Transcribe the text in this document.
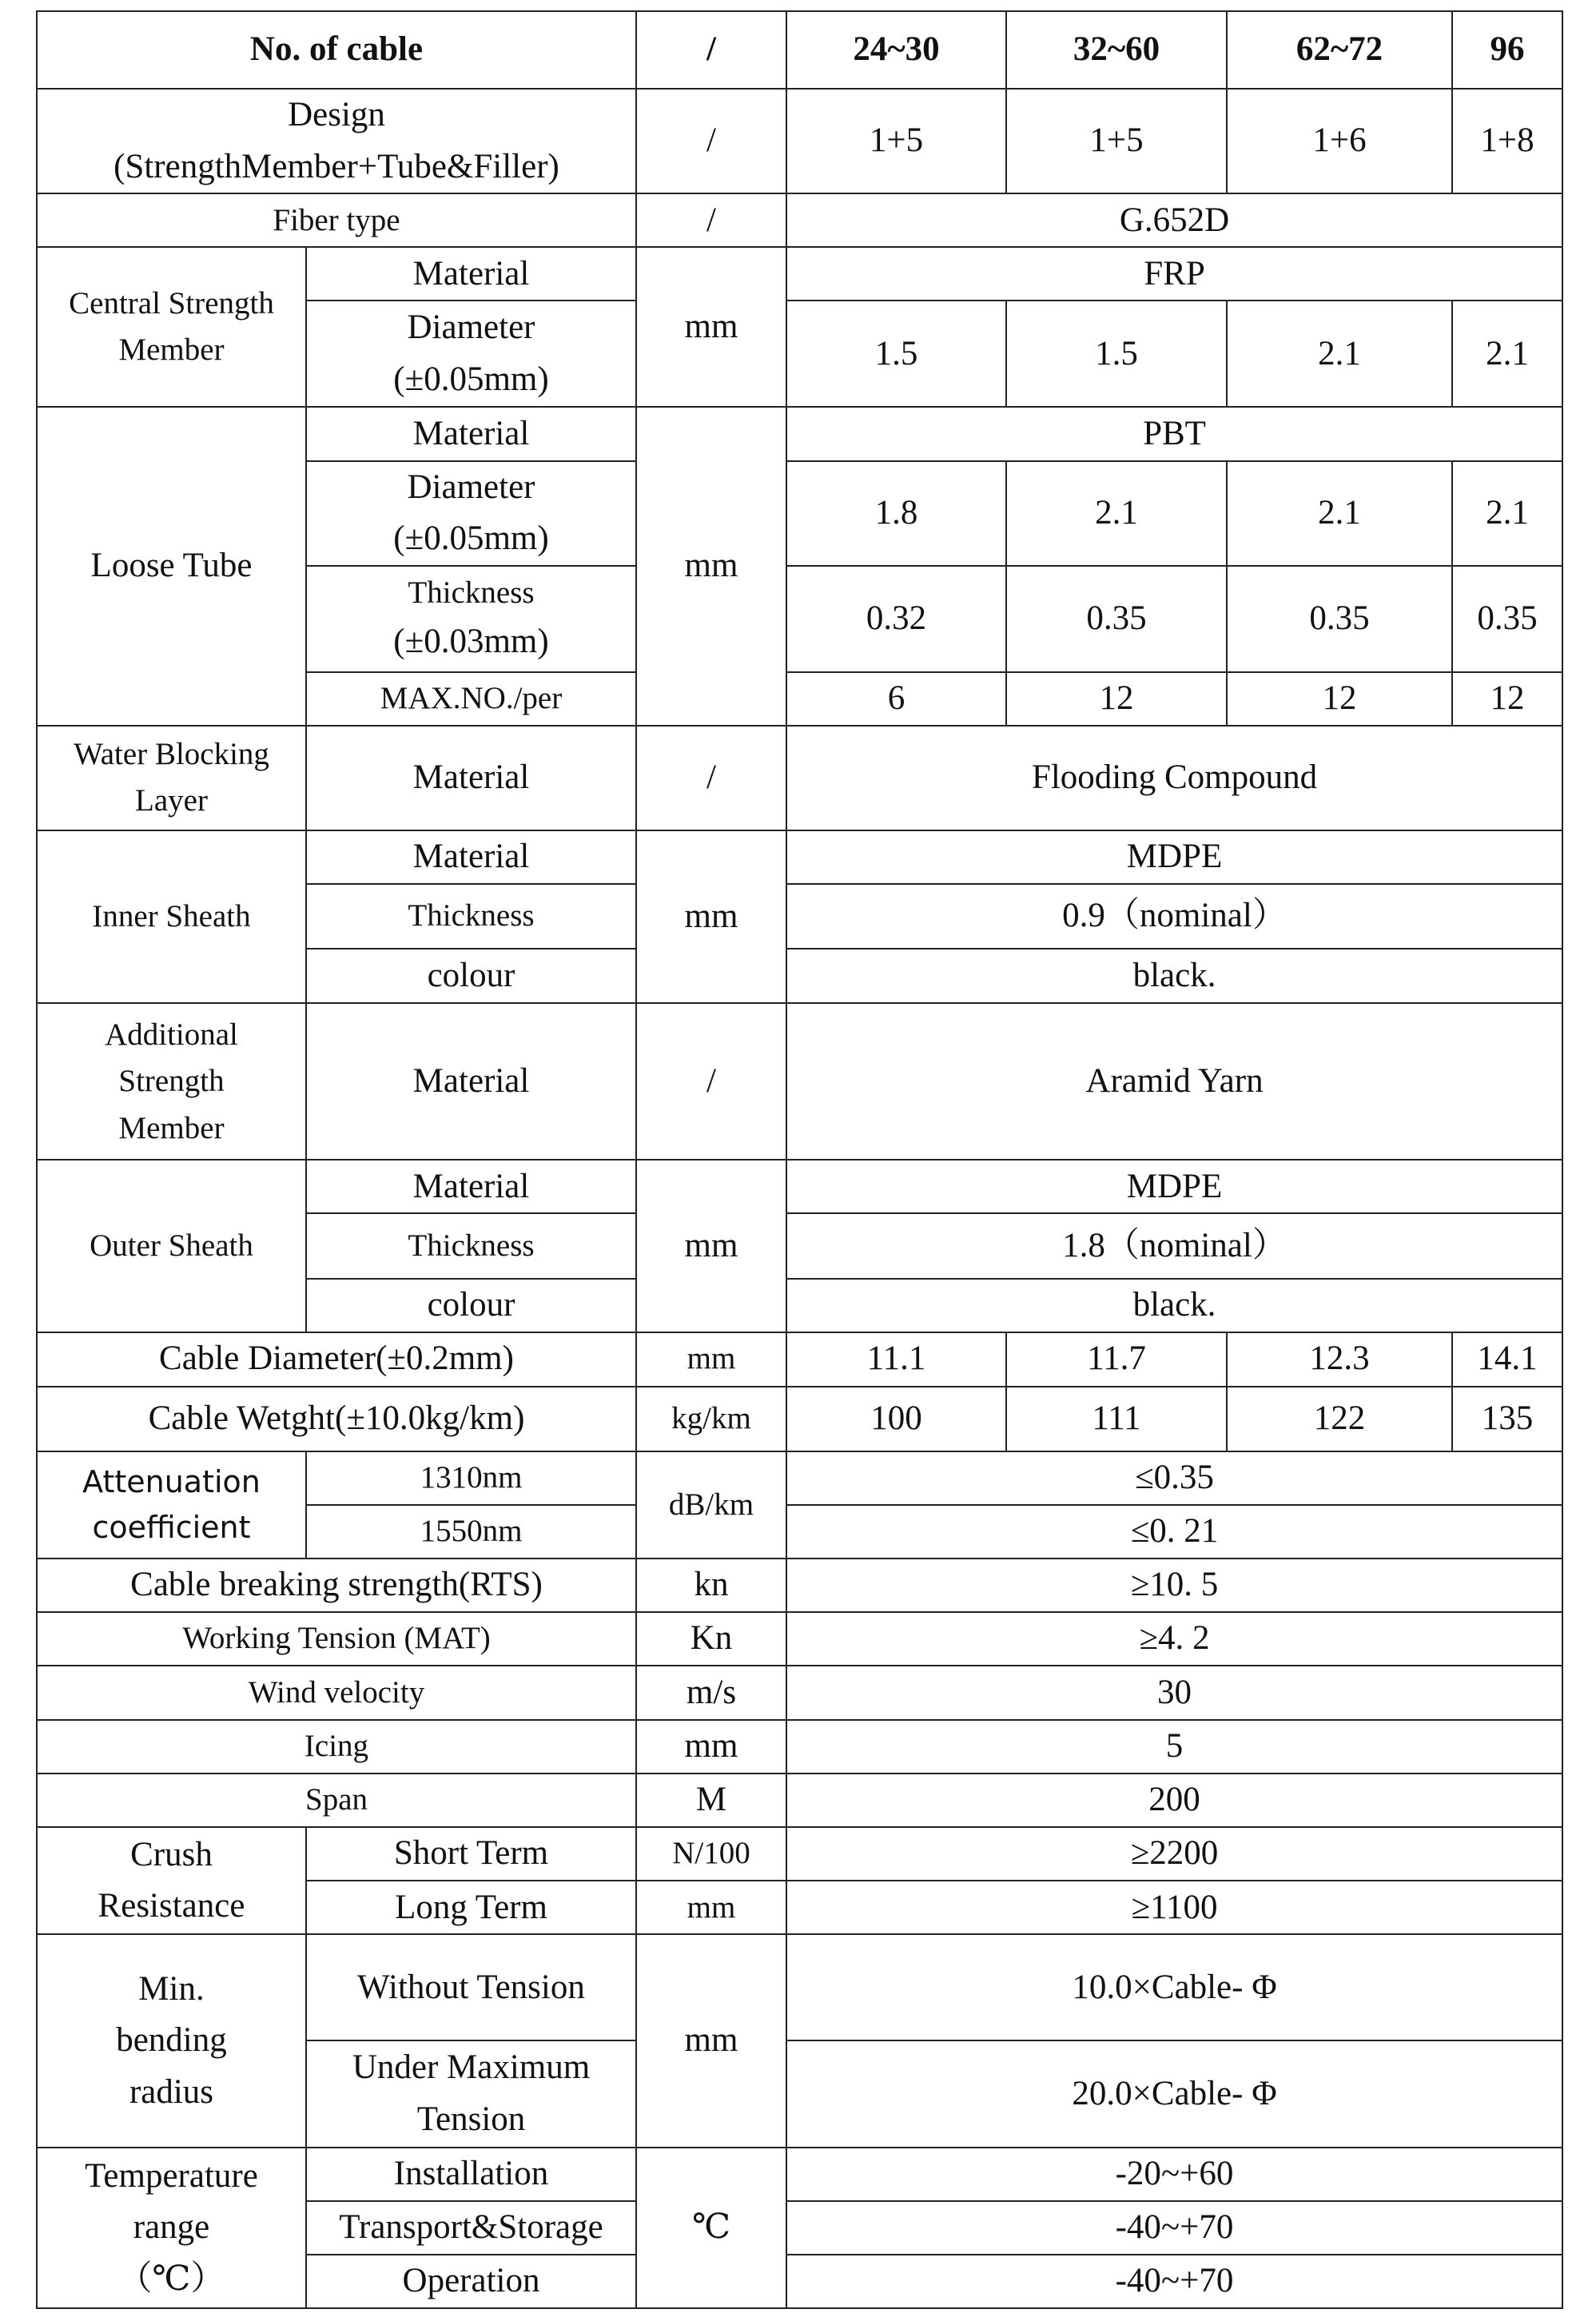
No. of cable		/	24~30	32~60	62~72	96

Design
(StrengthMember+Tube&Filler)		/	1+5	1+5	1+6	1+8
Fiber type		/	G.652D			

Central Strength
Member	Material	mm	FRP			

	Diameter
(±0.05mm)		1.5	1.5	2.1	2.1
Loose Tube	Material	mm	PBT			

	Diameter
(±0.05mm)		1.8	2.1	2.1	2.1

	Thickness
(±0.03mm)		0.32	0.35	0.35	0.35
	MAX.NO./per		6	12	12	12

Water Blocking
Layer	Material	/	Flooding Compound			
Inner Sheath	Material	mm	MDPE			
	Thickness		0.9（nominal）			
	colour		black.			

Additional
Strength
Member	Material	/	Aramid Yarn			
Outer Sheath	Material	mm	MDPE			
	Thickness		1.8（nominal）			
	colour		black.			
Cable Diameter(±0.2mm)		mm	11.1	11.7	12.3	14.1
Cable Wetght(±10.0kg/km)		kg/km	100	111	122	135

Attenuation
coefficient	1310nm	dB/km	≤0.35			
	1550nm		≤0. 21			
Cable breaking strength(RTS)		kn	≥10. 5			
Working Tension (MAT)		Kn	≥4. 2			
Wind velocity		m/s	30			
Icing		mm	5			
Span		M	200			

Crush
Resistance	Short Term	N/100	≥2200			
	Long Term	mm	≥1100			

Min.
bending
radius	Without Tension	mm	10.0×Cable- Φ			

	Under Maximum
Tension		20.0×Cable- Φ			

Temperature
range
（℃）	Installation	℃	-20~+60			
	Transport&Storage		-40~+70			
	Operation		-40~+70			
